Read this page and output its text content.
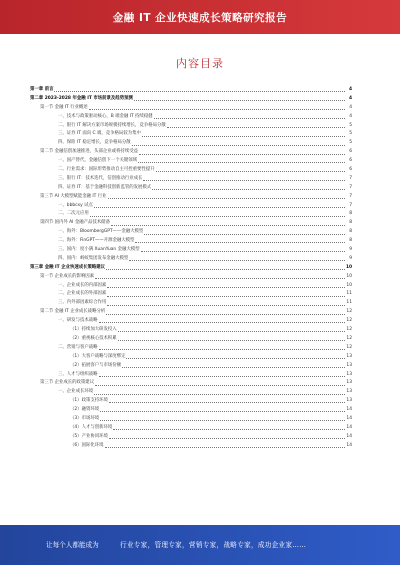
金融 IT 企业快速成长策略研究报告
内容目录
第一章 前言	4
第二章 2023-2028 年金融 IT 市场前景及趋势预测	4
第一节 金融 IT 行业概述	4
一、技术与政策驱动核心，B 端金融 IT 持续稳健	4
二、银行 IT 解决方案市场规模持续增长，竞争格局分散	5
三、证券 IT 面向 C 端，竞争格局较为集中	5
四、保险 IT 稳定增长，竞争格局分散	5
第二节 金融信创加速推进，头部企业或将持续受益	6
一、国产替代，金融信创下一个关键领域	6
二、行业需求：国际形势推动自主可控重要性提升	6
三、银行 IT：技术迭代，信创推动行业成长	7
四、证券 IT：基于金融科技创新监管的发展模式	7
第三节 AI 大模型赋能金融 IT 行业	7
一、bbbcxy 试点	7
二、二次元应用	8
第四节 国内外 AI 金融产品技术储备	8
一、海外：BloombergGPT——金融大模型	8
二、海外：FinGPT——开源金融大模型	8
三、国内：度小满 XuanYuan 金融大模型	9
四、国内：蚂蚁集团发布金融大模型	9
第三章 金融 IT 企业快速成长策略建议	10
第一节 企业成长的影响因素	10
一、企业成长的内部因素	10
二、企业成长的外部因素	11
三、内外部因素综合作用	11
第二节 金融 IT 企业成长战略分析	12
一、研发与技术战略	12
（1）持续加大研发投入	12
（2）重视核心技术积累	12
二、营销与客户战略	12
（1）大客户战略与深度绑定	13
（2）拓展客户与市场份额	13
三、人才与组织战略	13
第三节 企业成长的政策建议	13
一、企业成长环境	13
（1）政策支持环境	13
（2）融资环境	14
（3）市场环境	14
（4）人才与创新环境	14
（5）产业协同环境	14
（6）国际化环境	14
让每个人都能成为	行业专家，管理专家，营销专家，战略专家，成功企业家……
